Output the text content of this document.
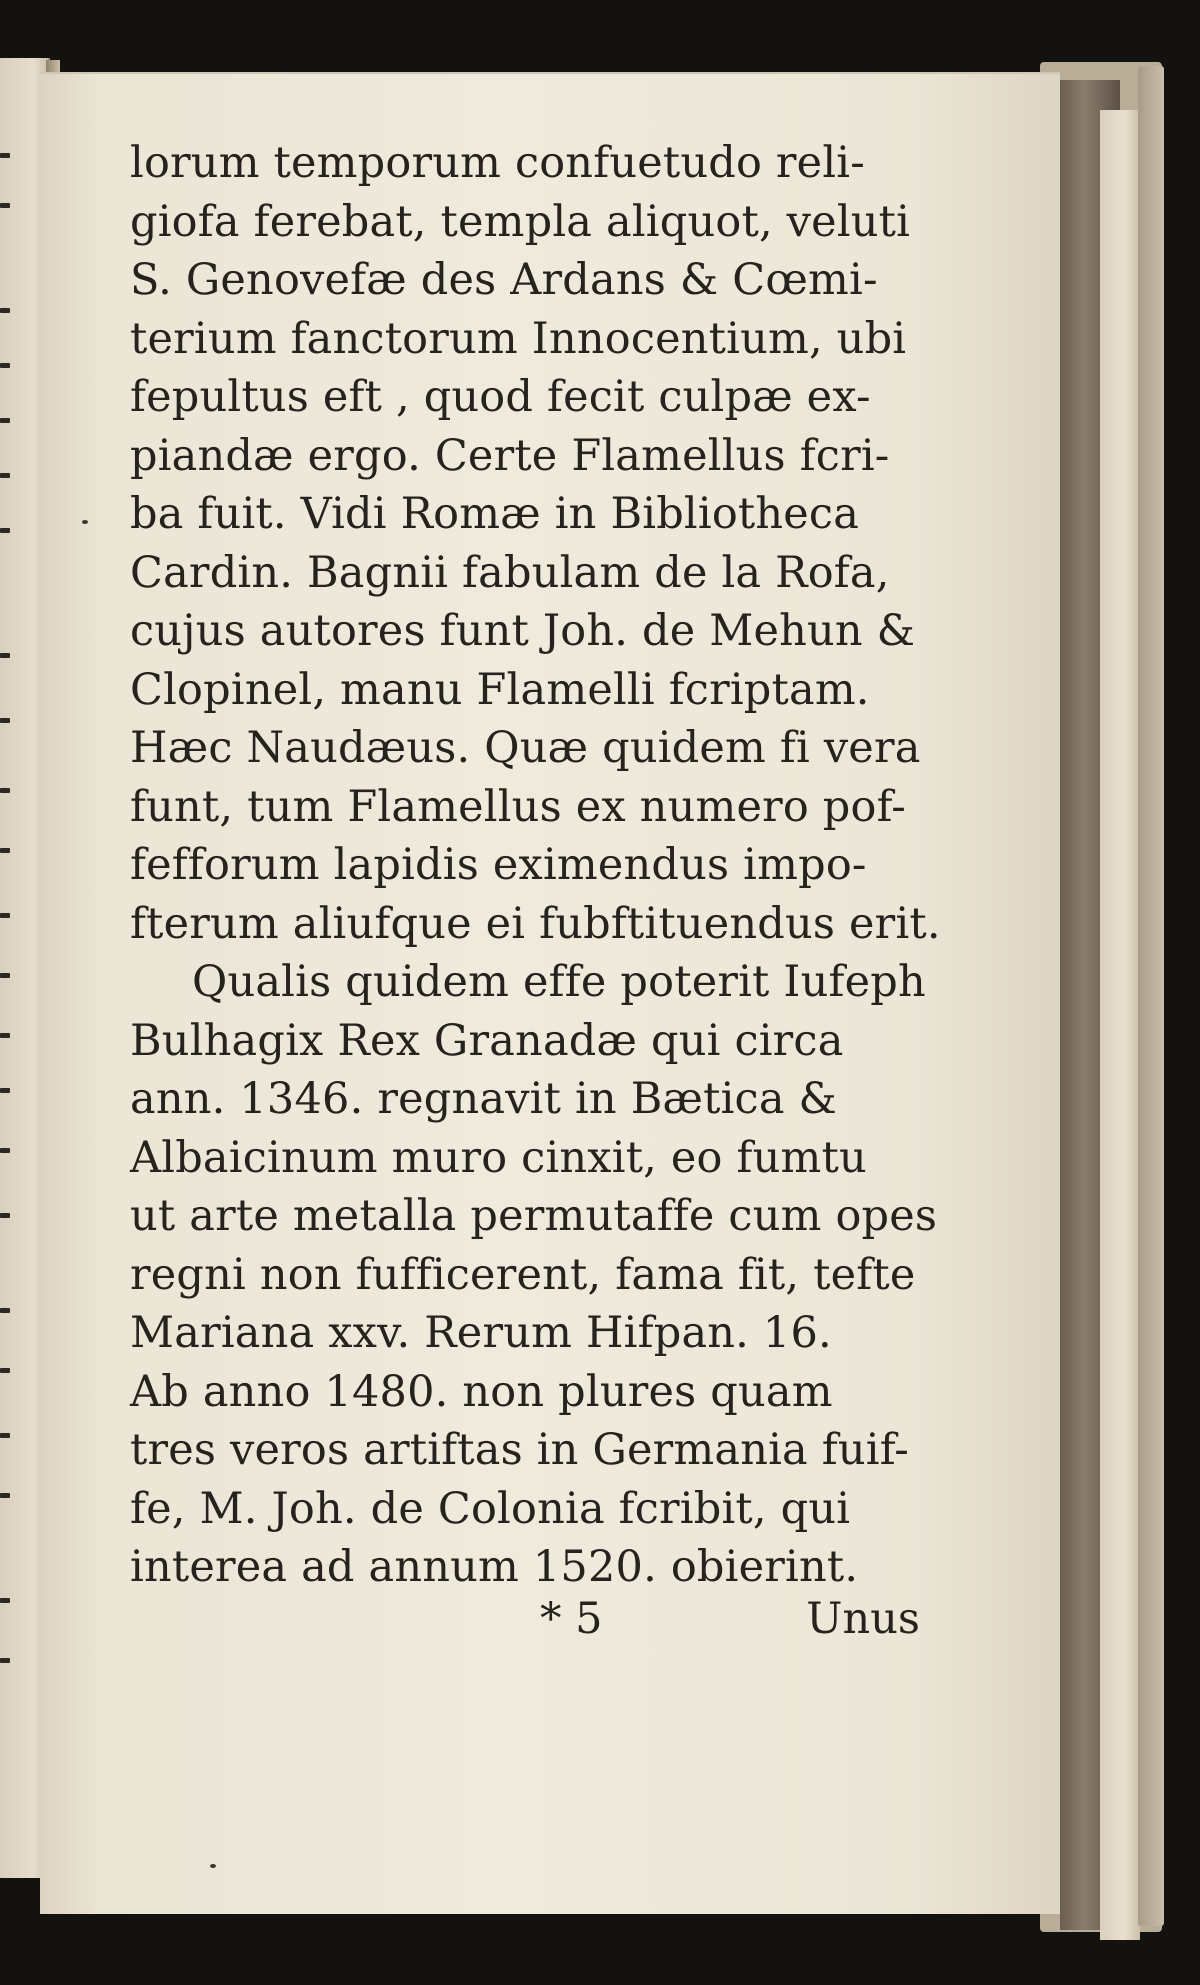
lorum temporum confuetudo reli-
giofa ferebat, templa aliquot, veluti
S. Genovefæ des Ardans & Cœmi-
terium fanctorum Innocentium, ubi
fepultus eft , quod fecit culpæ ex-
piandæ ergo. Certe Flamellus fcri-
ba fuit. Vidi Romæ in Bibliotheca
Cardin. Bagnii fabulam de la Rofa,
cujus autores funt Joh. de Mehun &
Clopinel, manu Flamelli fcriptam.
Hæc Naudæus. Quæ quidem fi vera
funt, tum Flamellus ex numero pof-
fefforum lapidis eximendus impo-
fterum aliufque ei fubftituendus erit.
Qualis quidem effe poterit Iufeph
Bulhagix Rex Granadæ qui circa
ann. 1346. regnavit in Bætica &
Albaicinum muro cinxit, eo fumtu
ut arte metalla permutaffe cum opes
regni non fufficerent, fama fit, tefte
Mariana xxv. Rerum Hifpan. 16.
Ab anno 1480. non plures quam
tres veros artiftas in Germania fuif-
fe, M. Joh. de Colonia fcribit, qui
interea ad annum 1520. obierint.
* 5	Unus
